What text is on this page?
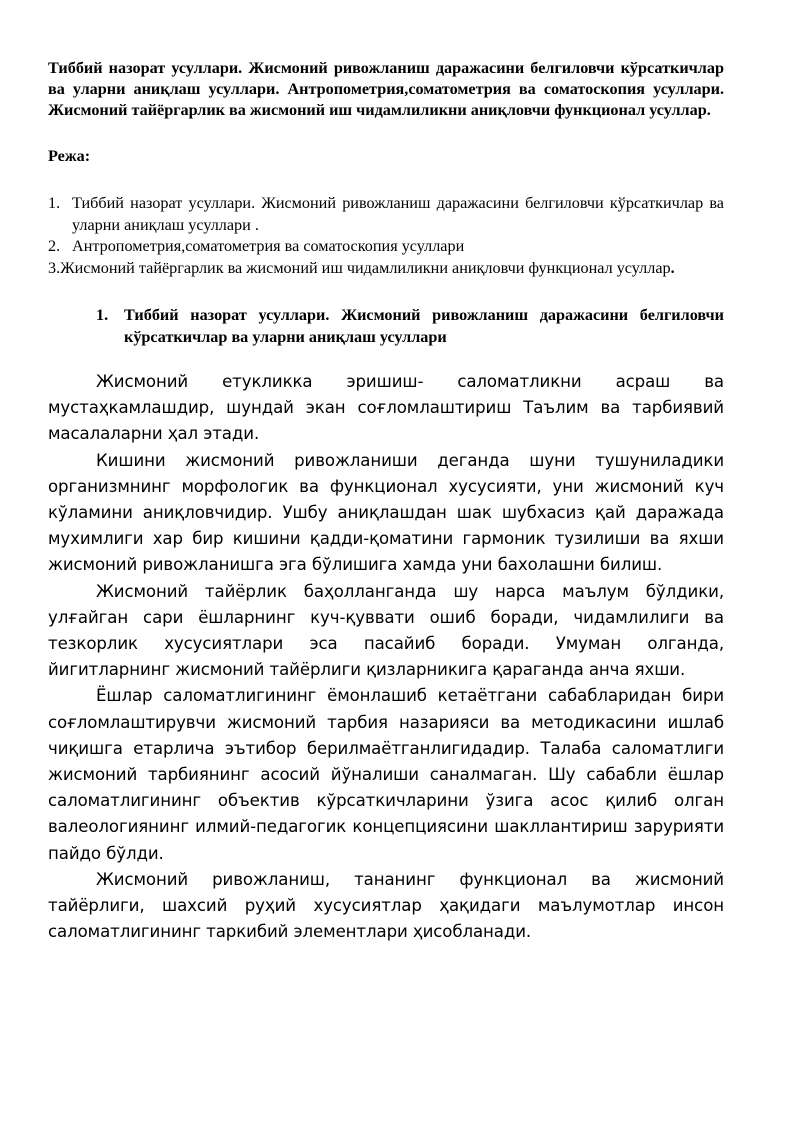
Тиббий назорат усуллари. Жисмоний ривожланиш даражасини белгиловчи кўрсаткичлар ва уларни аниқлаш усуллари. Антропометрия,соматометрия ва соматоскопия усуллари. Жисмоний тайёргарлик ва жисмоний иш чидамлиликни аниқловчи функционал усуллар.

Режа:

1. Тиббий назорат усуллари. Жисмоний ривожланиш даражасини белгиловчи кўрсаткичлар ва уларни аниқлаш усуллари .
2. Антропометрия,соматометрия ва соматоскопия усуллари
3.Жисмоний тайёргарлик ва жисмоний иш чидамлиликни аниқловчи функционал усуллар.
1. Тиббий назорат усуллари. Жисмоний ривожланиш даражасини белгиловчи кўрсаткичлар ва уларни аниқлаш усуллари

Жисмоний етукликка эришиш- саломатликни асраш ва мустаҳкамлашдир, шундай экан соғломлаштириш Таълим ва тарбиявий масалаларни ҳал этади.

Кишини жисмоний ривожланиши деганда шуни тушуниладики организмнинг морфологик ва функционал хусусияти, уни жисмоний куч кўламини аниқловчидир. Ушбу аниқлашдан шак шубхасиз қай даражада мухимлиги хар бир кишини қадди-қоматини гармоник тузилиши ва яхши жисмоний ривожланишга эга бўлишига хамда уни бахолашни билиш.

Жисмоний тайёрлик баҳолланганда шу нарса маълум бўлдики, улғайган сари ёшларнинг куч-қуввати ошиб боради, чидамлилиги ва тезкорлик хусусиятлари эса пасайиб боради. Умуман олганда, йигитларнинг жисмоний тайёрлиги қизларникига қараганда анча яхши.

Ёшлар саломатлигининг ёмонлашиб кетаётгани сабабларидан бири соғломлаштирувчи жисмоний тарбия назарияси ва методикасини ишлаб чиқишга етарлича эътибор берилмаётганлигидадир. Талаба саломатлиги жисмоний тарбиянинг асосий йўналиши саналмаган. Шу сабабли ёшлар саломатлигининг объектив кўрсаткичларини ўзига асос қилиб олган валеологиянинг илмий-педагогик концепциясини шакллантириш зарурияти пайдо бўлди.

Жисмоний ривожланиш, тананинг функционал ва жисмоний тайёрлиги, шахсий руҳий хусусиятлар ҳақидаги маълумотлар инсон саломатлигининг таркибий элементлари ҳисобланади.
